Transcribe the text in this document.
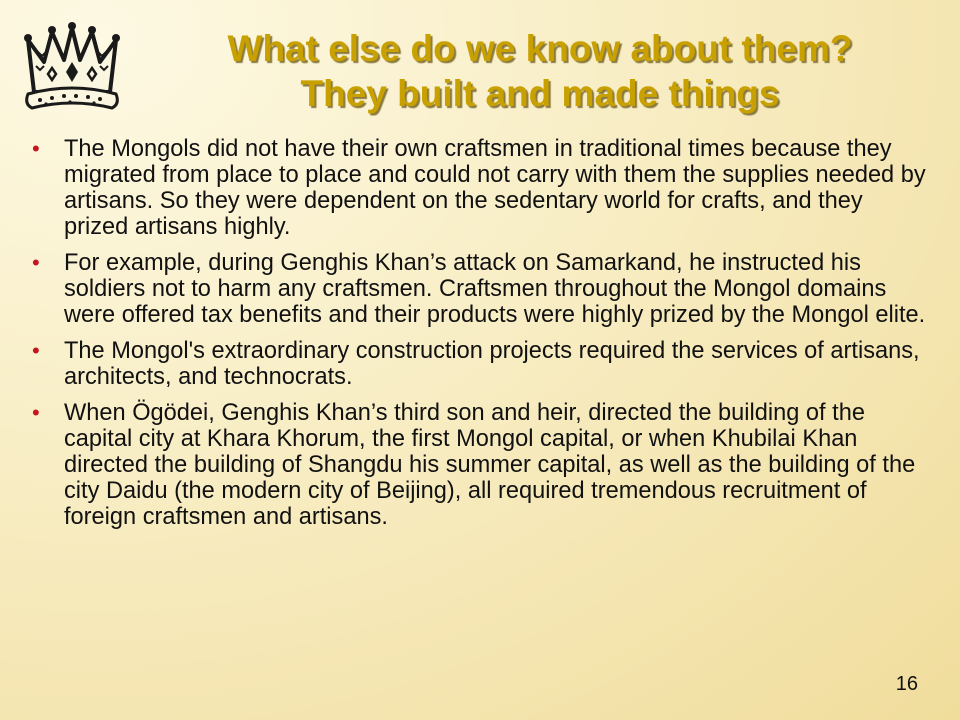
What else do we know about them?
They built and made things
• The Mongols did not have their own craftsmen in traditional times because they migrated from place to place and could not carry with them the supplies needed by artisans. So they were dependent on the sedentary world for crafts, and they prized artisans highly.
• For example, during Genghis Khan’s attack on Samarkand, he instructed his soldiers not to harm any craftsmen. Craftsmen throughout the Mongol domains were offered tax benefits and their products were highly prized by the Mongol elite.
• The Mongol's extraordinary construction projects required the services of artisans, architects, and technocrats.
• When Ögödei, Genghis Khan’s third son and heir, directed the building of the capital city at Khara Khorum, the first Mongol capital, or when Khubilai Khan directed the building of Shangdu his summer capital, as well as the building of the city Daidu (the modern city of Beijing), all required tremendous recruitment of foreign craftsmen and artisans.
16
